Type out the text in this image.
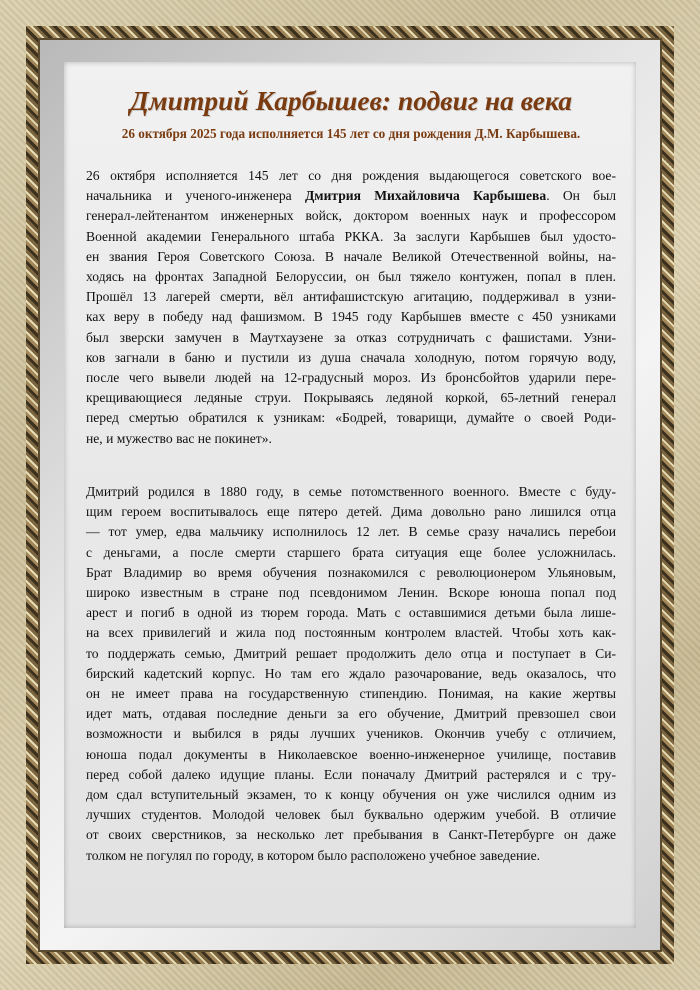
Дмитрий Карбышев: подвиг на века
26 октября 2025 года исполняется 145 лет со дня рождения Д.М. Карбышева.
26 октября исполняется 145 лет со дня рождения выдающегося советского вое-
начальника и ученого-инженера Дмитрия Михайловича Карбышева. Он был
генерал-лейтенантом инженерных войск, доктором военных наук и профессором
Военной академии Генерального штаба РККА. За заслуги Карбышев был удосто-
ен звания Героя Советского Союза. В начале Великой Отечественной войны, на-
ходясь на фронтах Западной Белоруссии, он был тяжело контужен, попал в плен.
Прошёл 13 лагерей смерти, вёл антифашистскую агитацию, поддерживал в узни-
ках веру в победу над фашизмом. В 1945 году Карбышев вместе с 450 узниками
был зверски замучен в Маутхаузене за отказ сотрудничать с фашистами. Узни-
ков загнали в баню и пустили из душа сначала холодную, потом горячую воду,
после чего вывели людей на 12-градусный мороз. Из бронсбойтов ударили пере-
крещивающиеся ледяные струи. Покрываясь ледяной коркой, 65-летний генерал
перед смертью обратился к узникам: «Бодрей, товарищи, думайте о своей Роди-
не, и мужество вас не покинет».
Дмитрий родился в 1880 году, в семье потомственного военного. Вместе с буду-
щим героем воспитывалось еще пятеро детей. Дима довольно рано лишился отца
— тот умер, едва мальчику исполнилось 12 лет. В семье сразу начались перебои
с деньгами, а после смерти старшего брата ситуация еще более усложнилась.
Брат Владимир во время обучения познакомился с революционером Ульяновым,
широко известным в стране под псевдонимом Ленин. Вскоре юноша попал под
арест и погиб в одной из тюрем города. Мать с оставшимися детьми была лише-
на всех привилегий и жила под постоянным контролем властей. Чтобы хоть как-
то поддержать семью, Дмитрий решает продолжить дело отца и поступает в Си-
бирский кадетский корпус. Но там его ждало разочарование, ведь оказалось, что
он не имеет права на государственную стипендию. Понимая, на какие жертвы
идет мать, отдавая последние деньги за его обучение, Дмитрий превзошел свои
возможности и выбился в ряды лучших учеников. Окончив учебу с отличием,
юноша подал документы в Николаевское военно-инженерное училище, поставив
перед собой далеко идущие планы. Если поначалу Дмитрий растерялся и с тру-
дом сдал вступительный экзамен, то к концу обучения он уже числился одним из
лучших студентов. Молодой человек был буквально одержим учебой. В отличие
от своих сверстников, за несколько лет пребывания в Санкт-Петербурге он даже
толком не погулял по городу, в котором было расположено учебное заведение.
